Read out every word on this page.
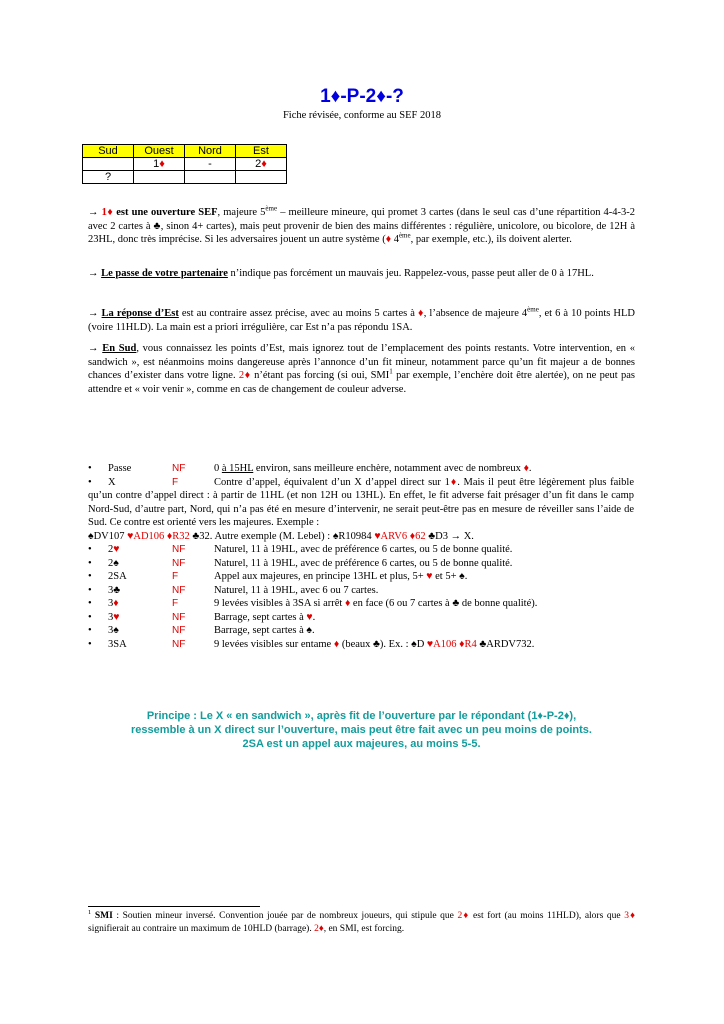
1♦-P-2♦-?
Fiche révisée, conforme au SEF 2018
Sud	Ouest	Nord	Est
	1♦	-	2♦
?			

→ 1♦ est une ouverture SEF, majeure 5ème – meilleure mineure, qui promet 3 cartes (dans le seul cas d’une répartition 4-4-3-2 avec 2 cartes à ♣, sinon 4+ cartes), mais peut provenir de bien des mains différentes : régulière, unicolore, ou bicolore, de 12H à 23HL, donc très imprécise. Si les adversaires jouent un autre système (♦ 4ème, par exemple, etc.), ils doivent alerter.

→ Le passe de votre partenaire n’indique pas forcément un mauvais jeu. Rappelez-vous, passe peut aller de 0 à 17HL.

→ La réponse d’Est est au contraire assez précise, avec au moins 5 cartes à ♦, l’absence de majeure 4ème, et 6 à 10 points HLD (voire 11HLD). La main est a priori irrégulière, car Est n’a pas répondu 1SA.

→ En Sud, vous connaissez les points d’Est, mais ignorez tout de l’emplacement des points restants. Votre intervention, en « sandwich », est néanmoins moins dangereuse après l’annonce d’un fit mineur, notamment parce qu’un fit majeur a de bonnes chances d’exister dans votre ligne. 2♦ n’étant pas forcing (si oui, SMI$^1$ par exemple, l’enchère doit être alertée), on ne peut pas attendre et « voir venir », comme en cas de changement de couleur adverse.

• Passe	NF	0 à 15HL environ, sans meilleure enchère, notamment avec de nombreux ♦.
• X	F	Contre d’appel, équivalent d’un X d’appel direct sur 1♦. Mais il peut être légèrement plus faible qu’un contre d’appel direct : à partir de 11HL (et non 12H ou 13HL). En effet, le fit adverse fait présager d’un fit dans le camp Nord-Sud, d’autre part, Nord, qui n’a pas été en mesure d’intervenir, ne serait peut-être pas en mesure de réveiller sans l’aide de Sud. Ce contre est orienté vers les majeures. Exemple :
♠DV107 ♥AD106 ♦R32 ♣32. Autre exemple (M. Lebel) : ♠R10984 ♥ARV6 ♦62 ♣D3 → X.
• 2♥	NF	Naturel, 11 à 19HL, avec de préférence 6 cartes, ou 5 de bonne qualité.
• 2♠	NF	Naturel, 11 à 19HL, avec de préférence 6 cartes, ou 5 de bonne qualité.
• 2SA	F	Appel aux majeures, en principe 13HL et plus, 5+ ♥ et 5+ ♠.
• 3♣	NF	Naturel, 11 à 19HL, avec 6 ou 7 cartes.
• 3♦	F	9 levées visibles à 3SA si arrêt ♦ en face (6 ou 7 cartes à ♣ de bonne qualité).
• 3♥	NF	Barrage, sept cartes à ♥.
• 3♠	NF	Barrage, sept cartes à ♠.
• 3SA	NF	9 levées visibles sur entame ♦ (beaux ♣). Ex. : ♠D ♥A106 ♦R4 ♣ARDV732.
Principe : Le X « en sandwich », après fit de l’ouverture par le répondant (1♦-P-2♦),
ressemble à un X direct sur l’ouverture, mais peut être fait avec un peu moins de points.
2SA est un appel aux majeures, au moins 5-5.

$^1$ SMI : Soutien mineur inversé. Convention jouée par de nombreux joueurs, qui stipule que 2♦ est fort (au moins 11HLD), alors que 3♦ signifierait au contraire un maximum de 10HLD (barrage). 2♦, en SMI, est forcing.
